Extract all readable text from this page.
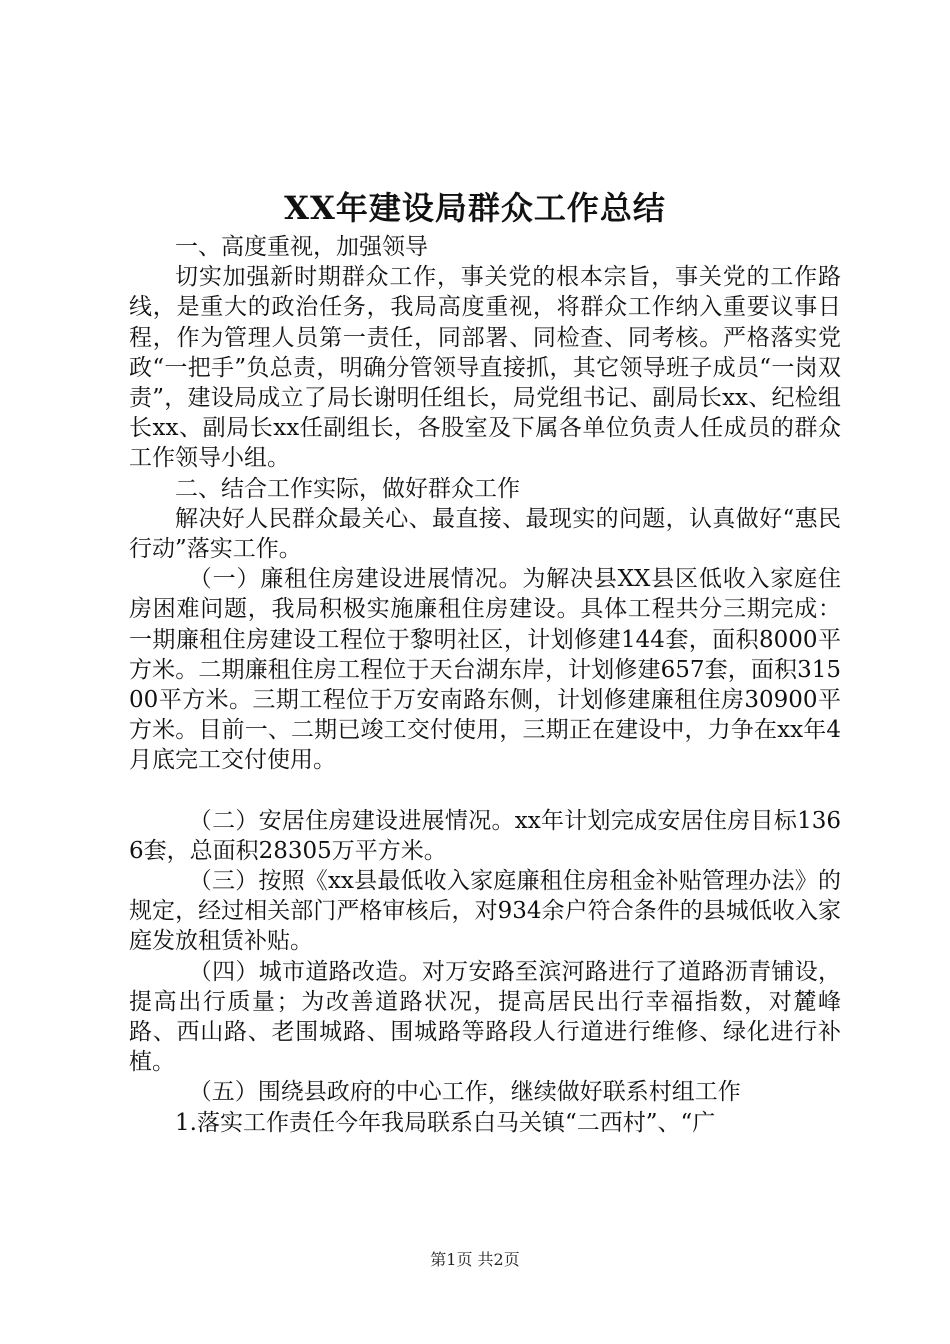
XX年建设局群众工作总结

一、高度重视，加强领导

切实加强新时期群众工作，事关党的根本宗旨，事关党的工作路线，是重大的政治任务，我局高度重视，将群众工作纳入重要议事日程，作为管理人员第一责任，同部署、同检查、同考核。严格落实党政“一把手”负总责，明确分管领导直接抓，其它领导班子成员“一岗双责”，建设局成立了局长谢明任组长，局党组书记、副局长xx、纪检组长xx、副局长xx任副组长，各股室及下属各单位负责人任成员的群众工作领导小组。

二、结合工作实际，做好群众工作

解决好人民群众最关心、最直接、最现实的问题，认真做好“惠民行动”落实工作。

（一）廉租住房建设进展情况。为解决县XX县区低收入家庭住房困难问题，我局积极实施廉租住房建设。具体工程共分三期完成：一期廉租住房建设工程位于黎明社区，计划修建144套，面积8000平方米。二期廉租住房工程位于天台湖东岸，计划修建657套，面积31500平方米。三期工程位于万安南路东侧，计划修建廉租住房30900平方米。目前一、二期已竣工交付使用，三期正在建设中，力争在xx年4月底完工交付使用。

（二）安居住房建设进展情况。xx年计划完成安居住房目标1366套，总面积28305万平方米。

（三）按照《xx县最低收入家庭廉租住房租金补贴管理办法》的规定，经过相关部门严格审核后，对934余户符合条件的县城低收入家庭发放租赁补贴。

（四）城市道路改造。对万安路至滨河路进行了道路沥青铺设，提高出行质量；为改善道路状况，提高居民出行幸福指数，对麓峰路、西山路、老围城路、围城路等路段人行道进行维修、绿化进行补植。

（五）围绕县政府的中心工作，继续做好联系村组工作

1.落实工作责任今年我局联系白马关镇“二西村”、“广

第1页 共2页
